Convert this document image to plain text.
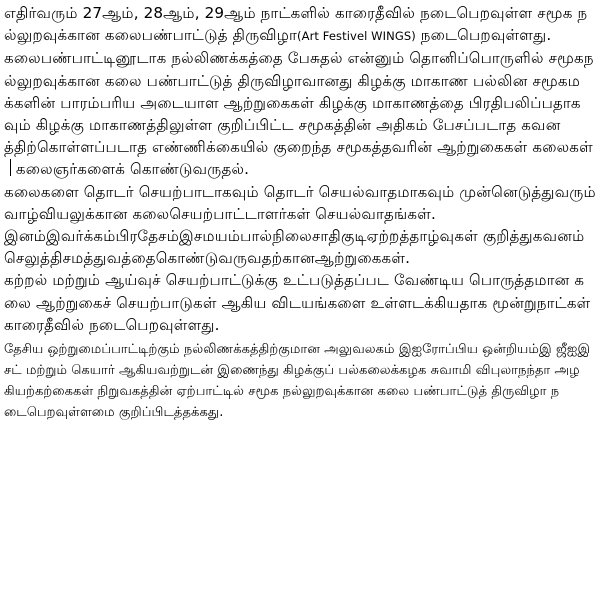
எதிர்வரும் 27ஆம், 28ஆம், 29ஆம் நாட்களில் காரைதீவில் நடைபெறவுள்ள சமூக நல்லுறவுக்கான கலைபண்பாட்டுத் திருவிழா(Art Festivel WINGS) நடைபெறவுள்ளது.

கலைபண்பாட்டினூடாக நல்லிணக்கத்தை பேசுதல் என்னும் தொனிப்பொருளில் சமூகநல்லுறவுக்கான கலை பண்பாட்டுத் திருவிழாவானது கிழக்கு மாகாண பல்லின சமூகமக்களின் பாரம்பரிய அடையாள ஆற்றுகைகள் கிழக்கு மாகாணத்தை பிரதிபலிப்பதாகவும் கிழக்கு மாகாணத்திலுள்ள குறிப்பிட்ட சமூகத்தின் அதிகம் பேசப்படாத கவனத்திற்கொள்ளப்படாத எண்ணிக்கையில் குறைந்த சமூகத்தவரின் ஆற்றுகைகள் கலைகள் கலைஞர்களைக் கொண்டுவருதல்.

கலைகளை தொடர் செயற்பாடாகவும் தொடர் செயல்வாதமாகவும் முன்னெடுத்துவரும் வாழ்வியலுக்கான கலைசெயற்பாட்டாளர்கள் செயல்வாதங்கள்.

இனம்இவர்க்கம்பிரதேசம்இசமயம்பால்நிலைசாதிகுடிஏற்றத்தாழ்வுகள் குறித்துகவனம் செலுத்திசமத்துவத்தைகொண்டுவருவதற்கானஆற்றுகைகள்.

கற்றல் மற்றும் ஆய்வுச் செயற்பாட்டுக்கு உட்படுத்தப்பட வேண்டிய பொருத்தமான கலை ஆற்றுகைச் செயற்பாடுகள் ஆகிய விடயங்களை உள்ளடக்கியதாக மூன்றுநாட்கள் காரைதீவில் நடைபெறவுள்ளது.

தேசிய ஒற்றுமைப்பாட்டிற்கும் நல்லிணக்கத்திற்குமான அலுவலகம் இஐரோப்பிய ஒன்றியம்இ ஜீஐஇசட் மற்றும் கெயார் ஆகியவற்றுடன் இணைந்து கிழக்குப் பல்கலைக்கழக சுவாமி விபுலாநந்தா அழகியற்கற்கைகள் நிறுவகத்தின் ஏற்பாட்டில் சமூக நல்லுறவுக்கான கலை பண்பாட்டுத் திருவிழா நடைபெறவுள்ளமை குறிப்பிடத்தக்கது.
